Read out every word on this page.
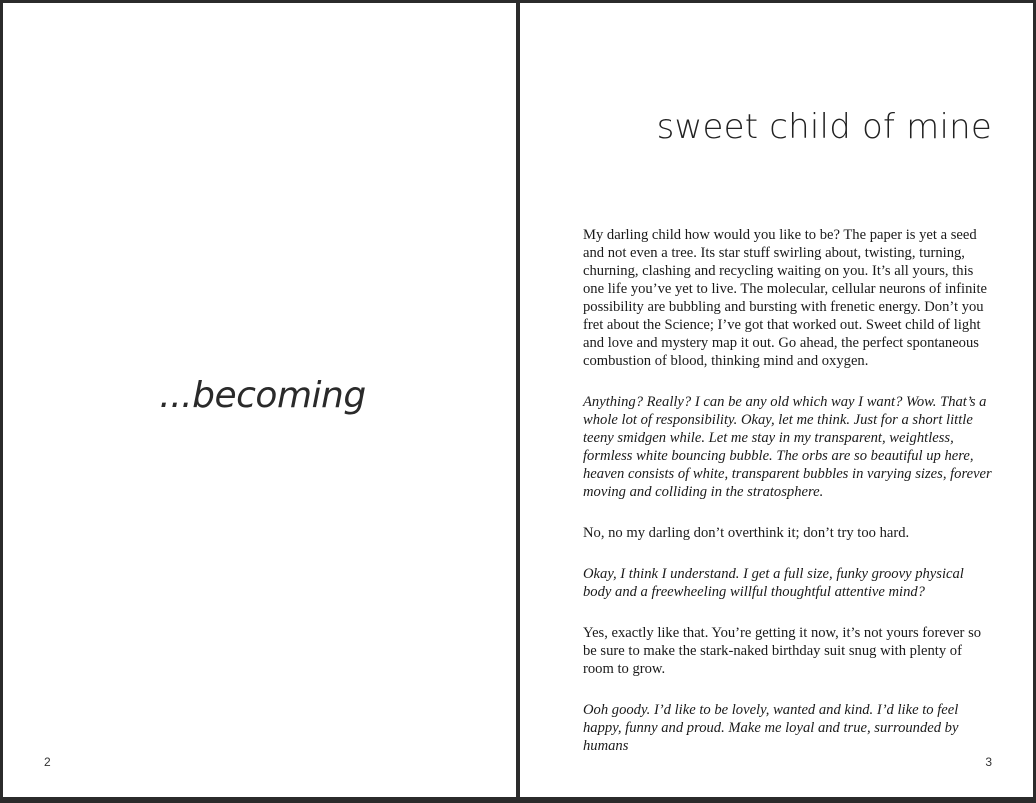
...becoming
2
sweet child of mine

My darling child how would you like to be? The paper is yet a seed and not even a tree. Its star stuff swirling about, twisting, turning, churning, clashing and recycling waiting on you. It’s all yours, this one life you’ve yet to live. The molecular, cellular neurons of infinite possibility are bubbling and bursting with frenetic energy. Don’t you fret about the Science; I’ve got that worked out. Sweet child of light and love and mystery map it out. Go ahead, the perfect spontaneous combustion of blood, thinking mind and oxygen.

Anything? Really? I can be any old which way I want? Wow. That’s a whole lot of responsibility. Okay, let me think. Just for a short little teeny smidgen while. Let me stay in my transparent, weightless, formless white bouncing bubble. The orbs are so beautiful up here, heaven consists of white, transparent bubbles in varying sizes, forever moving and colliding in the stratosphere.

No, no my darling don’t overthink it; don’t try too hard.

Okay, I think I understand. I get a full size, funky groovy physical body and a freewheeling willful thoughtful attentive mind?

Yes, exactly like that. You’re getting it now, it’s not yours forever so be sure to make the stark-naked birthday suit snug with plenty of room to grow.

Ooh goody. I’d like to be lovely, wanted and kind. I’d like to feel happy, funny and proud. Make me loyal and true, surrounded by humans

3
